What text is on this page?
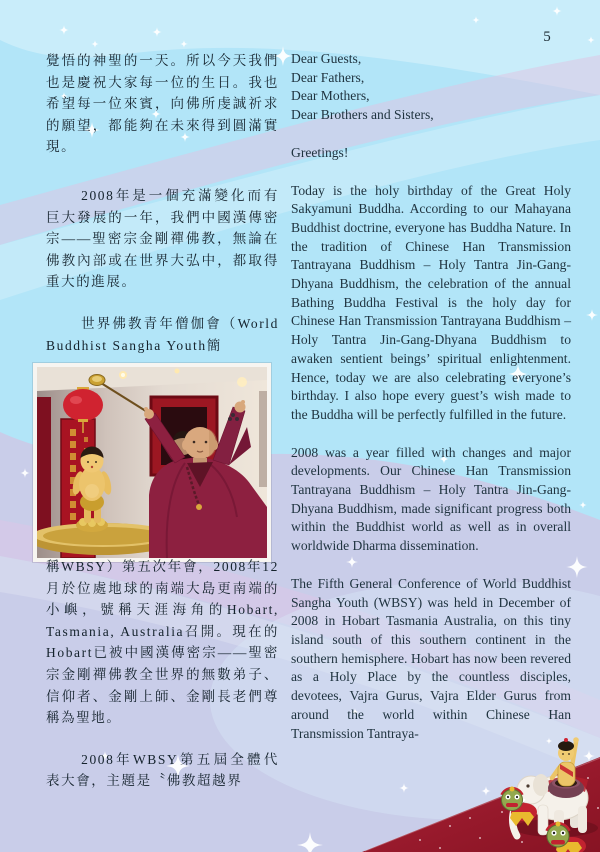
5

覺悟的神聖的一天。所以今天我們也是慶祝大家每一位的生日。我也希望每一位來賓，向佛所虔誠祈求的願望，都能夠在未來得到圓滿實現。

2008年是一個充滿變化而有巨大發展的一年，我們中國漢傳密宗——聖密宗金剛禪佛教，無論在佛教內部或在世界大弘中，都取得重大的進展。

世界佛教青年僧伽會（World Buddhist Sangha Youth簡

稱WBSY）第五次年會，2008年12月於位處地球的南端大島更南端的小嶼，號稱天涯海角的Hobart, Tasmania, Australia召開。現在的Hobart已被中國漢傳密宗——聖密宗金剛禪佛教全世界的無數弟子、信仰者、金剛上師、金剛長老們尊稱為聖地。

2008年WBSY第五屆全體代表大會，主題是〝佛教超越界

Dear Guests,

Dear Fathers,

Dear Mothers,

Dear Brothers and Sisters,

Greetings!

Today is the holy birthday of the Great Holy Sakyamuni Buddha. According to our Mahayana Buddhist doctrine, everyone has Buddha Nature. In the tradition of Chinese Han Transmission Tantrayana Buddhism – Holy Tantra Jin-Gang-Dhyana Buddhism, the celebration of the annual Bathing Buddha Festival is the holy day for Chinese Han Transmission Tantrayana Buddhism – Holy Tantra Jin-Gang-Dhyana Buddhism to awaken sentient beings’ spiritual enlightenment. Hence, today we are also celebrating everyone’s birthday. I also hope every guest’s wish made to the Buddha will be perfectly fulfilled in the future.

2008 was a year filled with changes and major developments. Our Chinese Han Transmission Tantrayana Buddhism – Holy Tantra Jin-Gang-Dhyana Buddhism, made significant progress both within the Buddhist world as well as in overall worldwide Dharma dissemination.

The Fifth General Conference of World Buddhist Sangha Youth (WBSY) was held in December of 2008 in Hobart Tasmania Australia, on this tiny island south of this southern continent in the southern hemisphere. Hobart has now been revered as a Holy Place by the countless disciples, devotees, Vajra Gurus, Vajra Elder Gurus from around the world within Chinese Han Transmission Tantraya-
